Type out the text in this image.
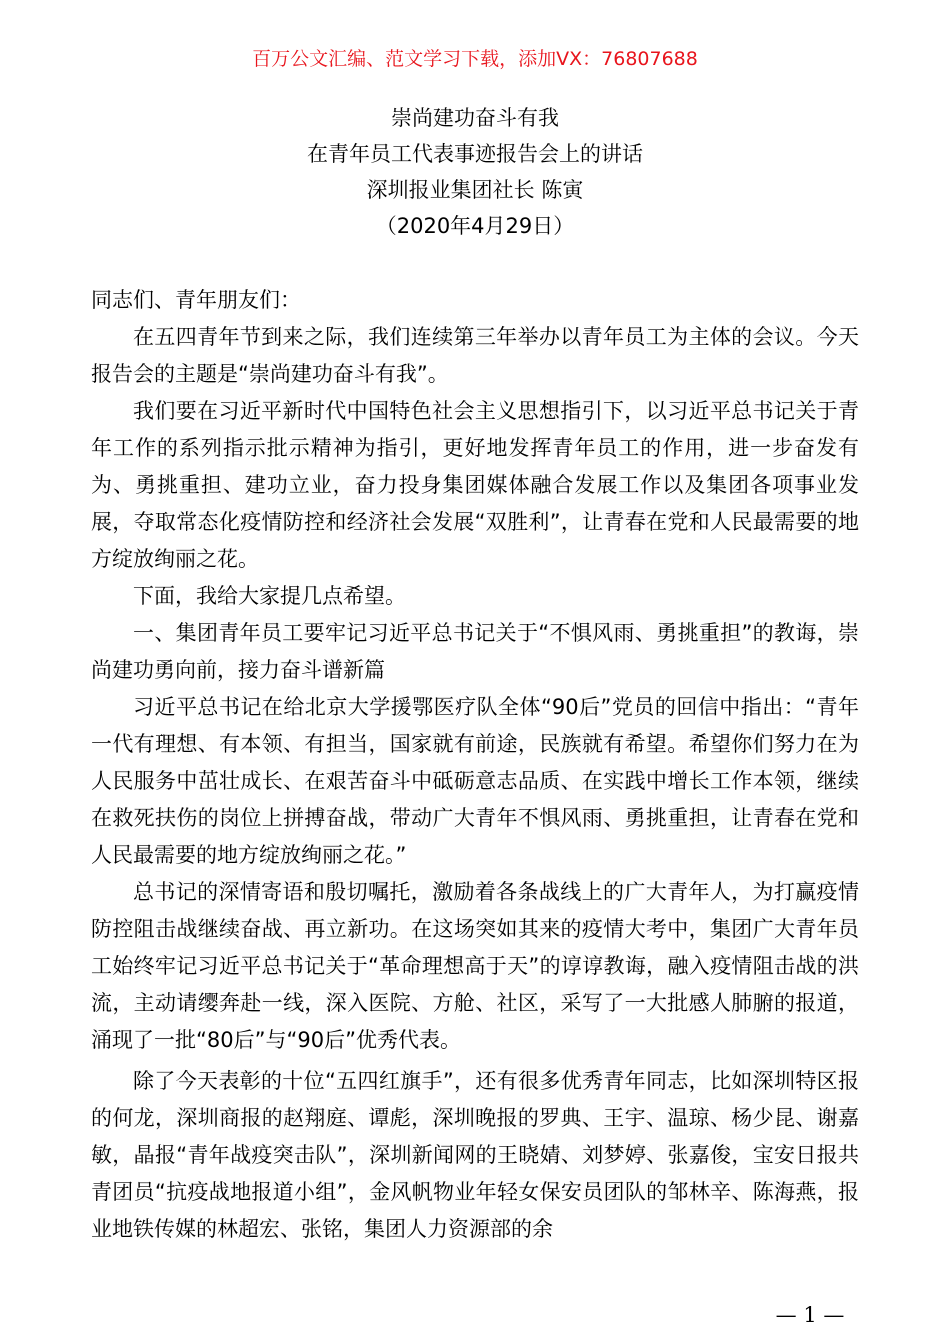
百万公文汇编、范文学习下载，添加VX：76807688
崇尚建功奋斗有我
在青年员工代表事迹报告会上的讲话
深圳报业集团社长 陈寅
（2020年4月29日）

同志们、青年朋友们：

在五四青年节到来之际，我们连续第三年举办以青年员工为主体的会议。今天报告会的主题是“崇尚建功奋斗有我”。

我们要在习近平新时代中国特色社会主义思想指引下，以习近平总书记关于青年工作的系列指示批示精神为指引，更好地发挥青年员工的作用，进一步奋发有为、勇挑重担、建功立业，奋力投身集团媒体融合发展工作以及集团各项事业发展，夺取常态化疫情防控和经济社会发展“双胜利”，让青春在党和人民最需要的地方绽放绚丽之花。

下面，我给大家提几点希望。

一、集团青年员工要牢记习近平总书记关于“不惧风雨、勇挑重担”的教诲，崇尚建功勇向前，接力奋斗谱新篇

习近平总书记在给北京大学援鄂医疗队全体“90后”党员的回信中指出：“青年一代有理想、有本领、有担当，国家就有前途，民族就有希望。希望你们努力在为人民服务中茁壮成长、在艰苦奋斗中砥砺意志品质、在实践中增长工作本领，继续在救死扶伤的岗位上拼搏奋战，带动广大青年不惧风雨、勇挑重担，让青春在党和人民最需要的地方绽放绚丽之花。”

总书记的深情寄语和殷切嘱托，激励着各条战线上的广大青年人，为打赢疫情防控阻击战继续奋战、再立新功。在这场突如其来的疫情大考中，集团广大青年员工始终牢记习近平总书记关于“革命理想高于天”的谆谆教诲，融入疫情阻击战的洪流，主动请缨奔赴一线，深入医院、方舱、社区，采写了一大批感人肺腑的报道，涌现了一批“80后”与“90后”优秀代表。

除了今天表彰的十位“五四红旗手”，还有很多优秀青年同志，比如深圳特区报的何龙，深圳商报的赵翔庭、谭彪，深圳晚报的罗典、王宇、温琼、杨少昆、谢嘉敏，晶报“青年战疫突击队”，深圳新闻网的王晓婧、刘梦婷、张嘉俊，宝安日报共青团员“抗疫战地报道小组”，金风帆物业年轻女保安员团队的邹林辛、陈海燕，报业地铁传媒的林超宏、张铭，集团人力资源部的余

— 1 —
